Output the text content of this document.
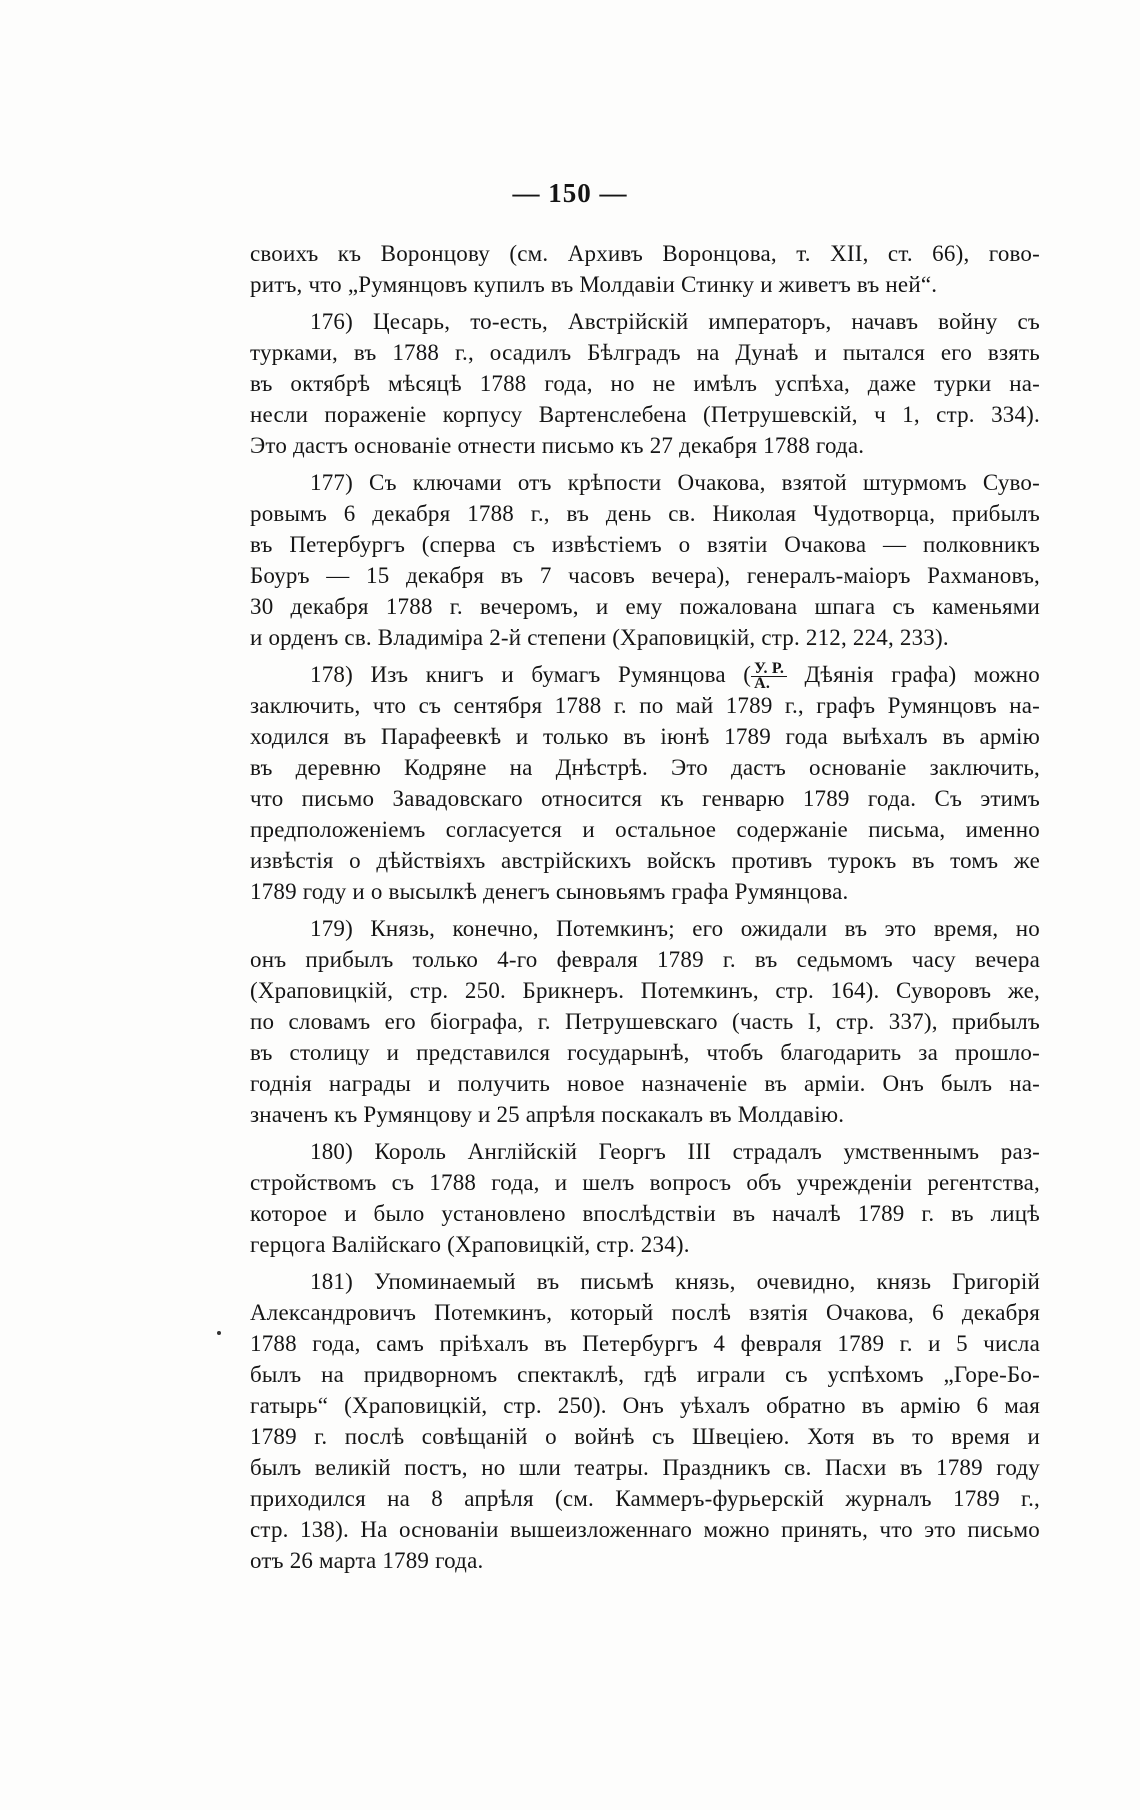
— 150 —
своихъ къ Воронцову (см. Архивъ Воронцова, т. XII, ст. 66), гово-
ритъ, что „Румянцовъ купилъ въ Молдавіи Стинку и живетъ въ ней“.
176) Цесарь, то-есть, Австрійскій императоръ, начавъ войну съ
турками, въ 1788 г., осадилъ Бѣлградъ на Дунаѣ и пытался его взять
въ октябрѣ мѣсяцѣ 1788 года, но не имѣлъ успѣха, даже турки на-
несли пораженіе корпусу Вартенслебена (Петрушевскій, ч 1, стр. 334).
Это дастъ основаніе отнести письмо къ 27 декабря 1788 года.
177) Съ ключами отъ крѣпости Очакова, взятой штурмомъ Суво-
ровымъ 6 декабря 1788 г., въ день св. Николая Чудотворца, прибылъ
въ Петербургъ (сперва съ извѣстіемъ о взятіи Очакова — полковникъ
Боуръ — 15 декабря въ 7 часовъ вечера), генералъ-маіоръ Рахмановъ,
30 декабря 1788 г. вечеромъ, и ему пожалована шпага съ каменьями
и орденъ св. Владиміра 2-й степени (Храповицкій, стр. 212, 224, 233).
178) Изъ книгъ и бумагъ Румянцова ( $\frac{У. Р.}{А.}$ Дѣянія графа) можно
заключить, что съ сентября 1788 г. по май 1789 г., графъ Румянцовъ на-
ходился въ Парафеевкѣ и только въ іюнѣ 1789 года выѣхалъ въ армію
въ деревню Кодряне на Днѣстрѣ. Это дастъ основаніе заключить,
что письмо Завадовскаго относится къ генварю 1789 года. Съ этимъ
предположеніемъ согласуется и остальное содержаніе письма, именно
извѣстія о дѣйствіяхъ австрійскихъ войскъ противъ турокъ въ томъ же
1789 году и о высылкѣ денегъ сыновьямъ графа Румянцова.
179) Князь, конечно, Потемкинъ; его ожидали въ это время, но
онъ прибылъ только 4-го февраля 1789 г. въ седьмомъ часу вечера
(Храповицкій, стр. 250. Брикнеръ. Потемкинъ, стр. 164). Суворовъ же,
по словамъ его біографа, г. Петрушевскаго (часть I, стр. 337), прибылъ
въ столицу и представился государынѣ, чтобъ благодарить за прошло-
годнія награды и получить новое назначеніе въ арміи. Онъ былъ на-
значенъ къ Румянцову и 25 апрѣля поскакалъ въ Молдавію.
180) Король Англійскій Георгъ III страдалъ умственнымъ раз-
стройствомъ съ 1788 года, и шелъ вопросъ объ учрежденіи регентства,
которое и было установлено впослѣдствіи въ началѣ 1789 г. въ лицѣ
герцога Валійскаго (Храповицкій, стр. 234).
181) Упоминаемый въ письмѣ князь, очевидно, князь Григорій
Александровичъ Потемкинъ, который послѣ взятія Очакова, 6 декабря
1788 года, самъ пріѣхалъ въ Петербургъ 4 февраля 1789 г. и 5 числа
былъ на придворномъ спектаклѣ, гдѣ играли съ успѣхомъ „Горе-Бо-
гатырь“ (Храповицкій, стр. 250). Онъ уѣхалъ обратно въ армію 6 мая
1789 г. послѣ совѣщаній о войнѣ съ Швеціею. Хотя въ то время и
былъ великій постъ, но шли театры. Праздникъ св. Пасхи въ 1789 году
приходился на 8 апрѣля (см. Каммеръ-фурьерскій журналъ 1789 г.,
стр. 138). На основаніи вышеизложеннаго можно принять, что это письмо
отъ 26 марта 1789 года.
